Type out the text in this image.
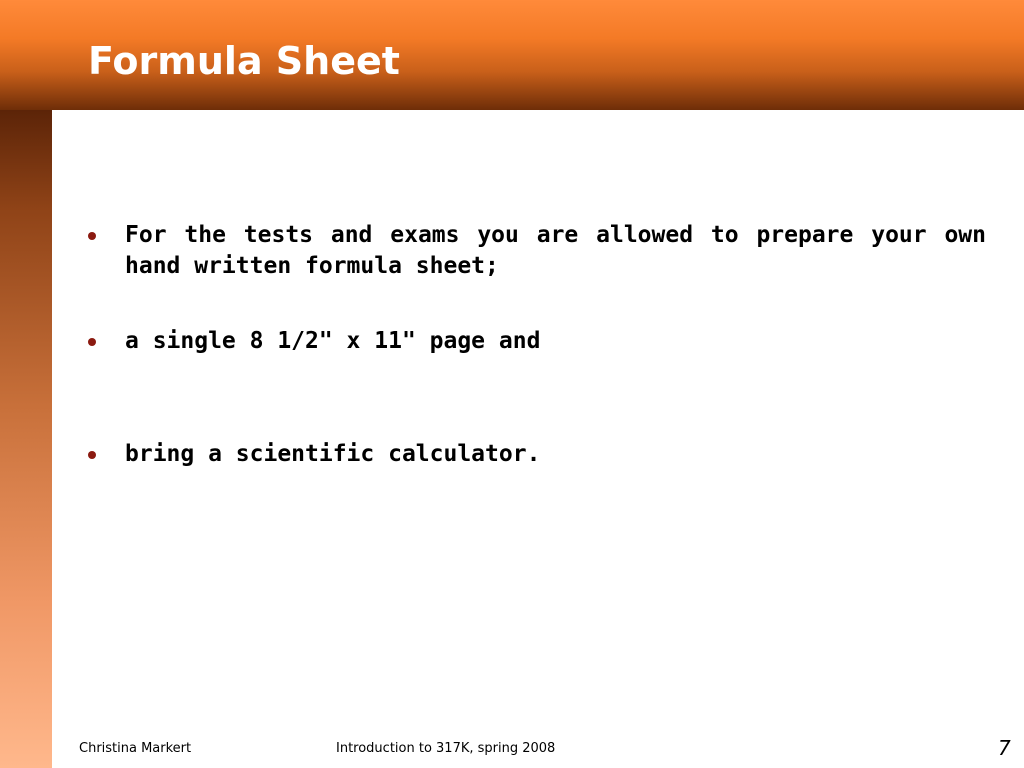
Formula Sheet
For the tests and exams you are allowed to prepare your own hand written formula sheet;
a single 8 1/2" x 11" page and
bring a scientific calculator.
Christina Markert	Introduction to 317K, spring 2008	7
